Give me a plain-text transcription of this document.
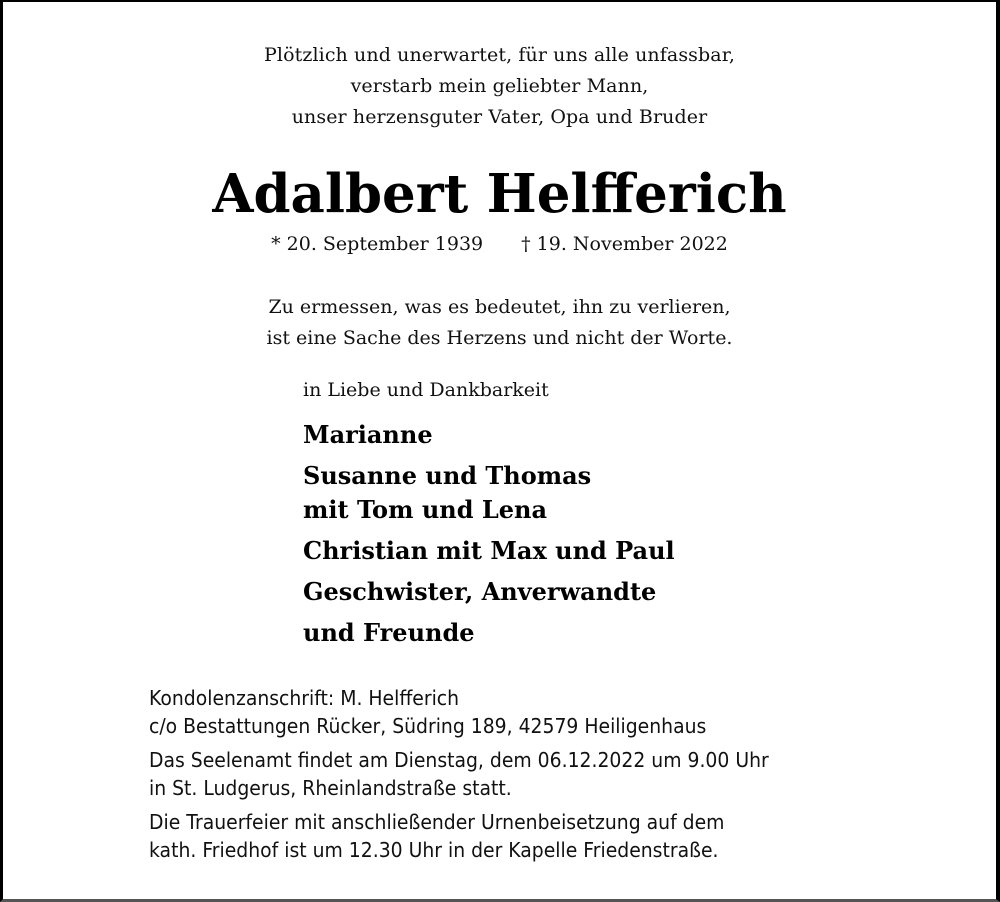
Plötzlich und unerwartet, für uns alle unfassbar,
verstarb mein geliebter Mann,
unser herzensguter Vater, Opa und Bruder
Adalbert Helfferich
* 20. September 1939 † 19. November 2022
Zu ermessen, was es bedeutet, ihn zu verlieren,
ist eine Sache des Herzens und nicht der Worte.
in Liebe und Dankbarkeit
Marianne
Susanne und Thomas
mit Tom und Lena
Christian mit Max und Paul
Geschwister, Anverwandte
und Freunde
Kondolenzanschrift: M. Helfferich
c/o Bestattungen Rücker, Südring 189, 42579 Heiligenhaus
Das Seelenamt findet am Dienstag, dem 06.12.2022 um 9.00 Uhr
in St. Ludgerus, Rheinlandstraße statt.
Die Trauerfeier mit anschließender Urnenbeisetzung auf dem
kath. Friedhof ist um 12.30 Uhr in der Kapelle Friedenstraße.
